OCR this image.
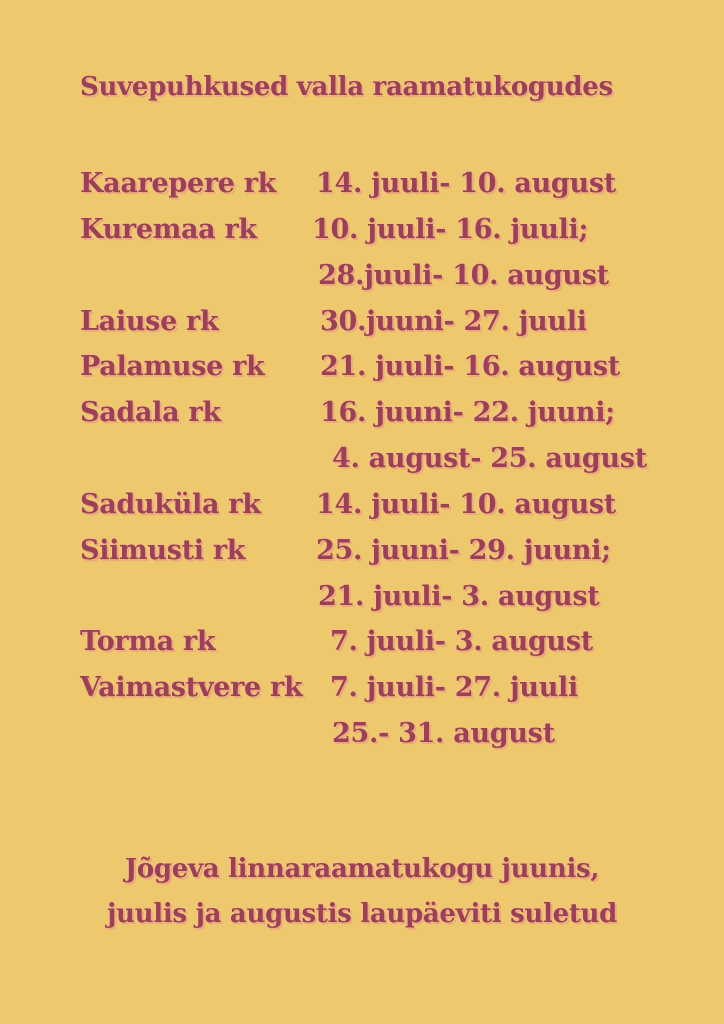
Suvepuhkused valla raamatukogudes
Kaarepere rk 14. juuli- 10. august
Kuremaa rk 10. juuli- 16. juuli;
28.juuli- 10. august
Laiuse rk	30.juuni- 27. juuli
Palamuse rk 21. juuli- 16. august
Sadala rk	16. juuni- 22. juuni;
4. august- 25. august
Saduküla rk 14. juuli- 10. august
Siimusti rk	25. juuni- 29. juuni;
21. juuli- 3. august
Torma rk	7. juuli- 3. august
Vaimastvere rk 7. juuli- 27. juuli
25.- 31. august
Jõgeva linnaraamatukogu juunis,
juulis ja augustis laupäeviti suletud
